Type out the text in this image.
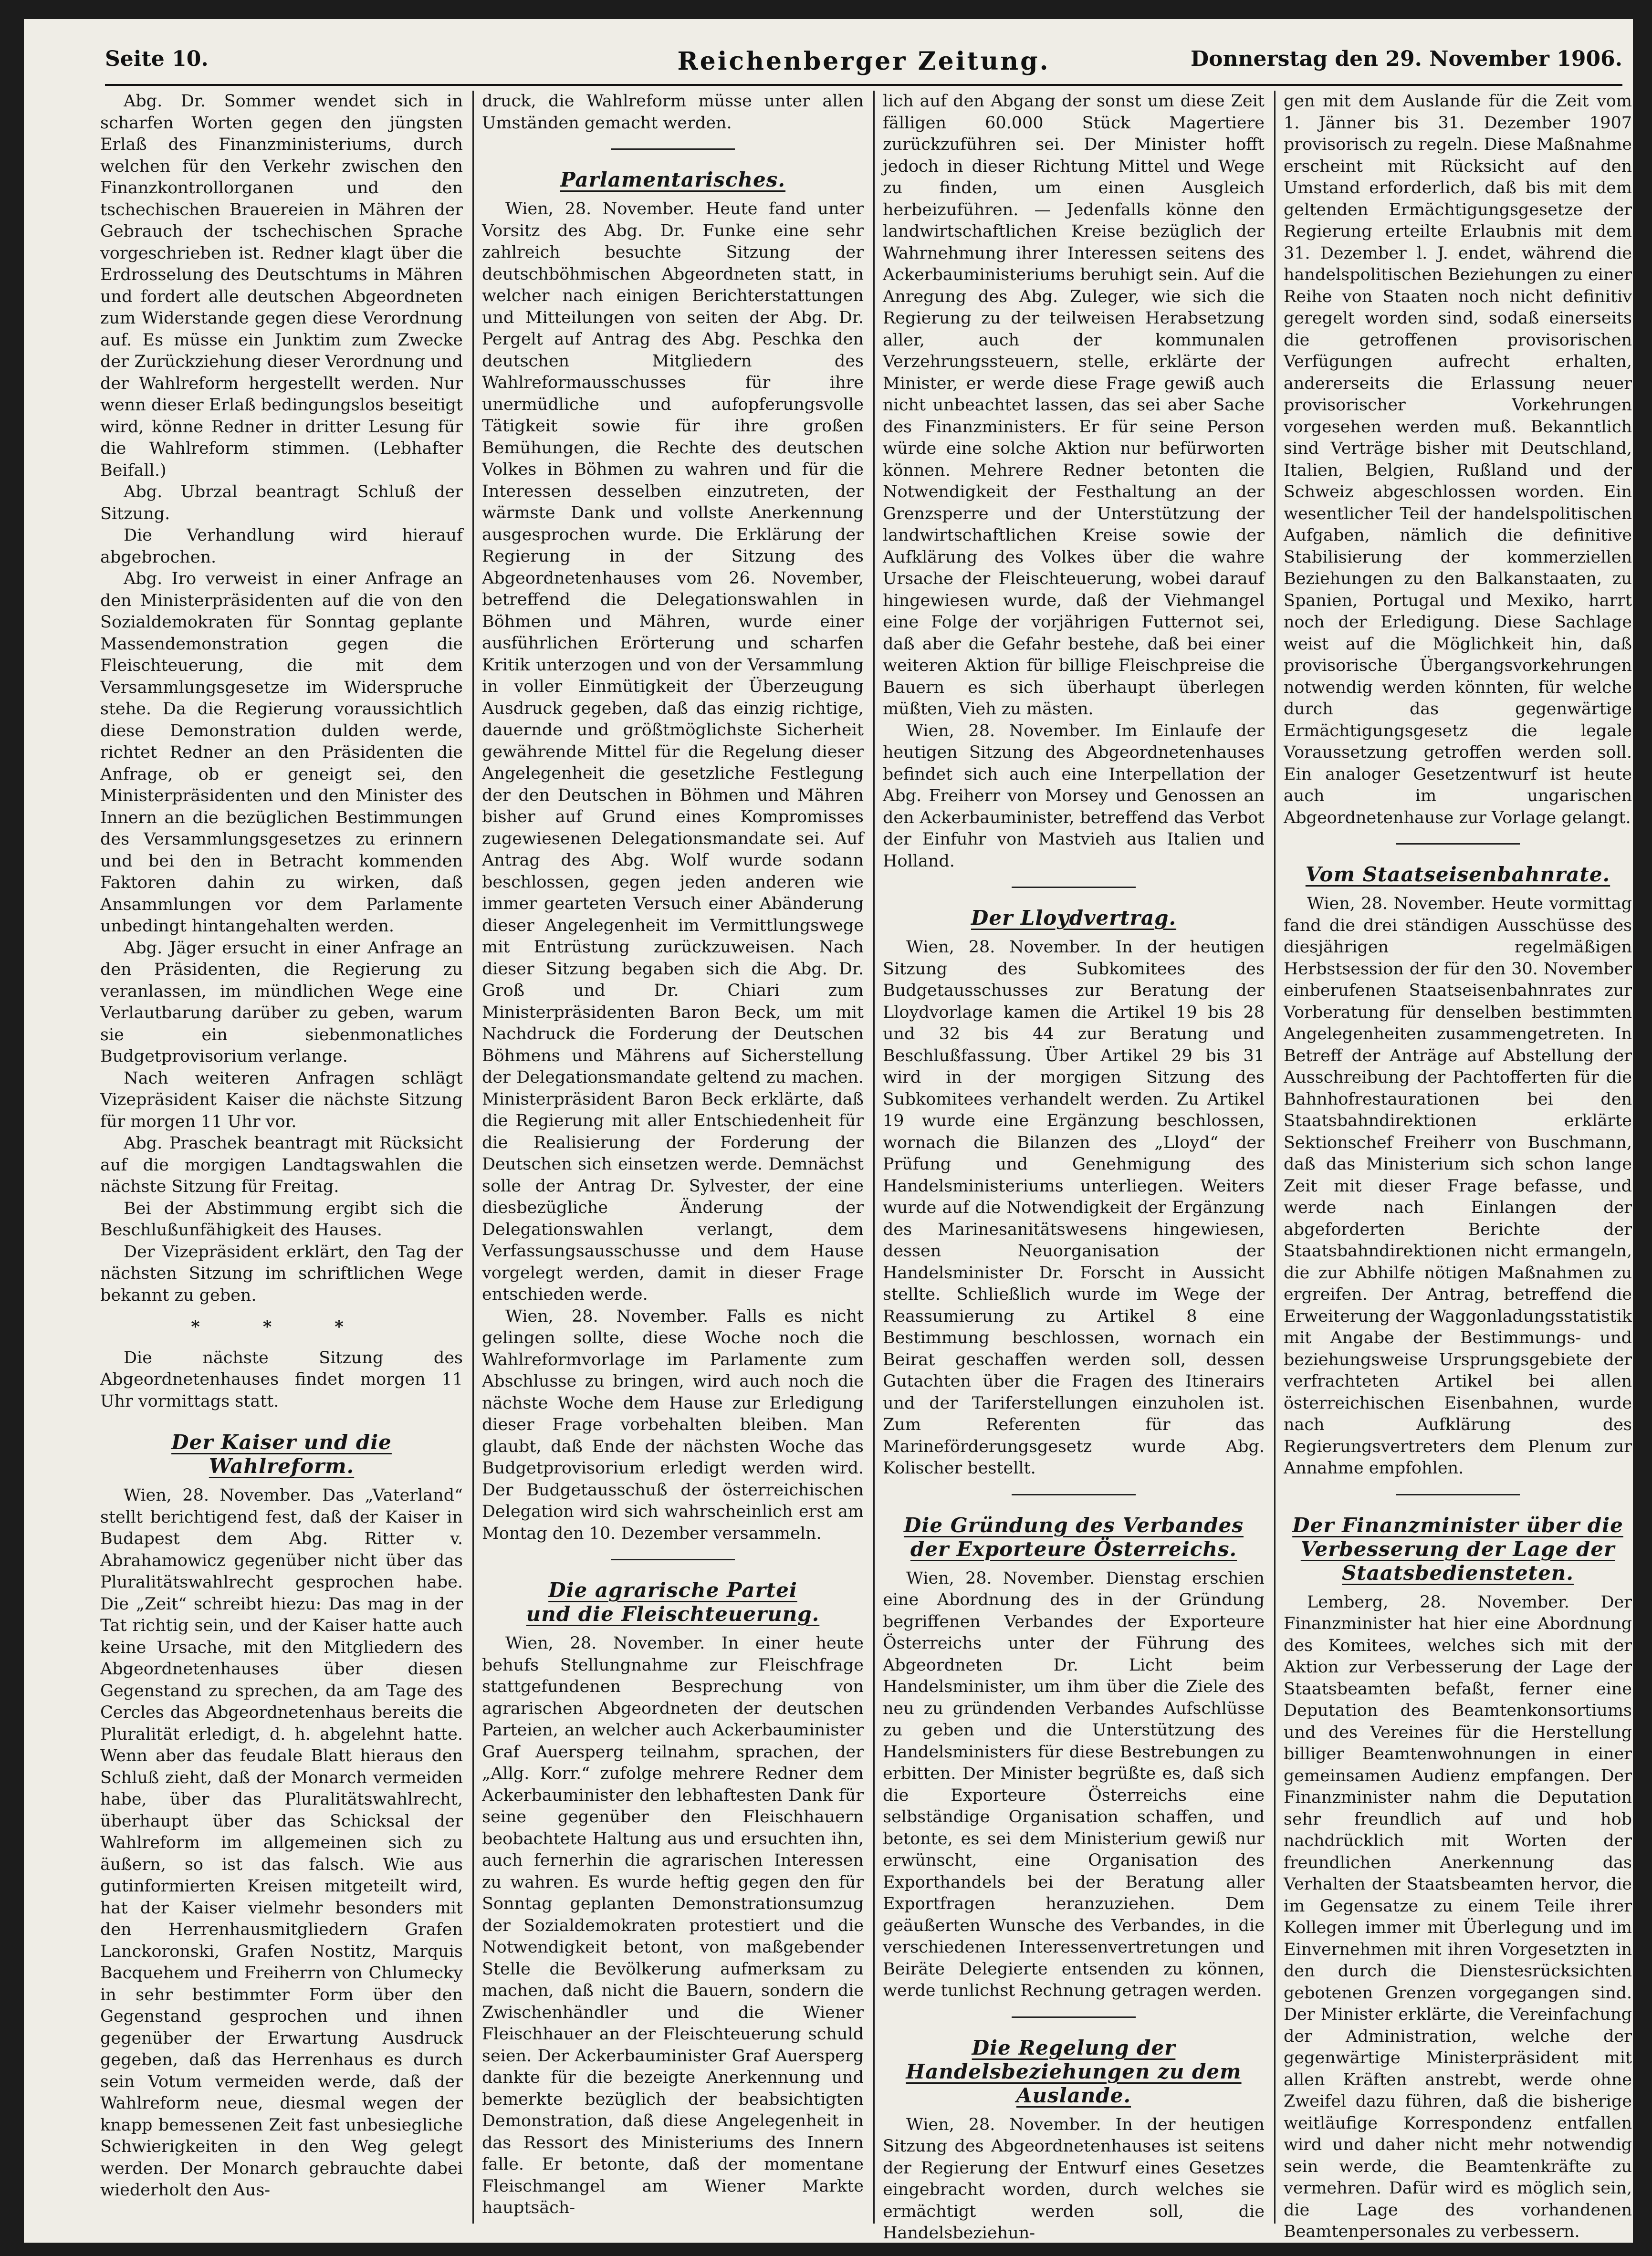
Seite 10.	Reichenberger Zeitung.	Donnerstag den 29. November 1906.

Abg. Dr. Sommer wendet sich in scharfen Worten gegen den jüngsten Erlaß des Finanzministeriums, durch welchen für den Verkehr zwischen den Finanzkontrollorganen und den tschechischen Brauereien in Mähren der Gebrauch der tschechischen Sprache vorgeschrieben ist. Redner klagt über die Erdrosselung des Deutschtums in Mähren und fordert alle deutschen Abgeordneten zum Widerstande gegen diese Verordnung auf. Es müsse ein Junktim zum Zwecke der Zurückziehung dieser Verordnung und der Wahlreform hergestellt werden. Nur wenn dieser Erlaß bedingungslos beseitigt wird, könne Redner in dritter Lesung für die Wahlreform stimmen. (Lebhafter Beifall.)

Abg. Ubrzal beantragt Schluß der Sitzung.

Die Verhandlung wird hierauf abgebrochen.

Abg. Iro verweist in einer Anfrage an den Ministerpräsidenten auf die von den Sozialdemokraten für Sonntag geplante Massendemonstration gegen die Fleischteuerung, die mit dem Versammlungsgesetze im Widerspruche stehe. Da die Regierung voraussichtlich diese Demonstration dulden werde, richtet Redner an den Präsidenten die Anfrage, ob er geneigt sei, den Ministerpräsidenten und den Minister des Innern an die bezüglichen Bestimmungen des Versammlungsgesetzes zu erinnern und bei den in Betracht kommenden Faktoren dahin zu wirken, daß Ansammlungen vor dem Parlamente unbedingt hintangehalten werden.

Abg. Jäger ersucht in einer Anfrage an den Präsidenten, die Regierung zu veranlassen, im mündlichen Wege eine Verlautbarung darüber zu geben, warum sie ein siebenmonatliches Budgetprovisorium verlange.

Nach weiteren Anfragen schlägt Vizepräsident Kaiser die nächste Sitzung für morgen 11 Uhr vor.

Abg. Praschek beantragt mit Rücksicht auf die morgigen Landtagswahlen die nächste Sitzung für Freitag.

Bei der Abstimmung ergibt sich die Beschlußunfähigkeit des Hauses.

Der Vizepräsident erklärt, den Tag der nächsten Sitzung im schriftlichen Wege bekannt zu geben.

* * *

Die nächste Sitzung des Abgeordnetenhauses findet morgen 11 Uhr vormittags statt.

Der Kaiser und die Wahlreform.

Wien, 28. November. Das „Vaterland“ stellt berichtigend fest, daß der Kaiser in Budapest dem Abg. Ritter v. Abrahamowicz gegenüber nicht über das Pluralitätswahlrecht gesprochen habe. Die „Zeit“ schreibt hiezu: Das mag in der Tat richtig sein, und der Kaiser hatte auch keine Ursache, mit den Mitgliedern des Abgeordnetenhauses über diesen Gegenstand zu sprechen, da am Tage des Cercles das Abgeordnetenhaus bereits die Pluralität erledigt, d. h. abgelehnt hatte. Wenn aber das feudale Blatt hieraus den Schluß zieht, daß der Monarch vermeiden habe, über das Pluralitätswahlrecht, überhaupt über das Schicksal der Wahlreform im allgemeinen sich zu äußern, so ist das falsch. Wie aus gutinformierten Kreisen mitgeteilt wird, hat der Kaiser vielmehr besonders mit den Herrenhausmitgliedern Grafen Lanckoronski, Grafen Nostitz, Marquis Bacquehem und Freiherrn von Chlumecky in sehr bestimmter Form über den Gegenstand gesprochen und ihnen gegenüber der Erwartung Ausdruck gegeben, daß das Herrenhaus es durch sein Votum vermeiden werde, daß der Wahlreform neue, diesmal wegen der knapp bemessenen Zeit fast unbesiegliche Schwierigkeiten in den Weg gelegt werden. Der Monarch gebrauchte dabei wiederholt den Aus-

druck, die Wahlreform müsse unter allen Umständen gemacht werden.

Parlamentarisches.

Wien, 28. November. Heute fand unter Vorsitz des Abg. Dr. Funke eine sehr zahlreich besuchte Sitzung der deutschböhmischen Abgeordneten statt, in welcher nach einigen Berichterstattungen und Mitteilungen von seiten der Abg. Dr. Pergelt auf Antrag des Abg. Peschka den deutschen Mitgliedern des Wahlreformausschusses für ihre unermüdliche und aufopferungsvolle Tätigkeit sowie für ihre großen Bemühungen, die Rechte des deutschen Volkes in Böhmen zu wahren und für die Interessen desselben einzutreten, der wärmste Dank und vollste Anerkennung ausgesprochen wurde. Die Erklärung der Regierung in der Sitzung des Abgeordnetenhauses vom 26. November, betreffend die Delegationswahlen in Böhmen und Mähren, wurde einer ausführlichen Erörterung und scharfen Kritik unterzogen und von der Versammlung in voller Einmütigkeit der Überzeugung Ausdruck gegeben, daß das einzig richtige, dauernde und größtmöglichste Sicherheit gewährende Mittel für die Regelung dieser Angelegenheit die gesetzliche Festlegung der den Deutschen in Böhmen und Mähren bisher auf Grund eines Kompromisses zugewiesenen Delegationsmandate sei. Auf Antrag des Abg. Wolf wurde sodann beschlossen, gegen jeden anderen wie immer gearteten Versuch einer Abänderung dieser Angelegenheit im Vermittlungswege mit Entrüstung zurückzuweisen. Nach dieser Sitzung begaben sich die Abg. Dr. Groß und Dr. Chiari zum Ministerpräsidenten Baron Beck, um mit Nachdruck die Forderung der Deutschen Böhmens und Mährens auf Sicherstellung der Delegationsmandate geltend zu machen. Ministerpräsident Baron Beck erklärte, daß die Regierung mit aller Entschiedenheit für die Realisierung der Forderung der Deutschen sich einsetzen werde. Demnächst solle der Antrag Dr. Sylvester, der eine diesbezügliche Änderung der Delegationswahlen verlangt, dem Verfassungsausschusse und dem Hause vorgelegt werden, damit in dieser Frage entschieden werde.

Wien, 28. November. Falls es nicht gelingen sollte, diese Woche noch die Wahlreformvorlage im Parlamente zum Abschlusse zu bringen, wird auch noch die nächste Woche dem Hause zur Erledigung dieser Frage vorbehalten bleiben. Man glaubt, daß Ende der nächsten Woche das Budgetprovisorium erledigt werden wird. Der Budgetausschuß der österreichischen Delegation wird sich wahrscheinlich erst am Montag den 10. Dezember versammeln.

Die agrarische Partei
und die Fleischteuerung.

Wien, 28. November. In einer heute behufs Stellungnahme zur Fleischfrage stattgefundenen Besprechung von agrarischen Abgeordneten der deutschen Parteien, an welcher auch Ackerbauminister Graf Auersperg teilnahm, sprachen, der „Allg. Korr.“ zufolge mehrere Redner dem Ackerbauminister den lebhaftesten Dank für seine gegenüber den Fleischhauern beobachtete Haltung aus und ersuchten ihn, auch fernerhin die agrarischen Interessen zu wahren. Es wurde heftig gegen den für Sonntag geplanten Demonstrationsumzug der Sozialdemokraten protestiert und die Notwendigkeit betont, von maßgebender Stelle die Bevölkerung aufmerksam zu machen, daß nicht die Bauern, sondern die Zwischenhändler und die Wiener Fleischhauer an der Fleischteuerung schuld seien. Der Ackerbauminister Graf Auersperg dankte für die bezeigte Anerkennung und bemerkte bezüglich der beabsichtigten Demonstration, daß diese Angelegenheit in das Ressort des Ministeriums des Innern falle. Er betonte, daß der momentane Fleischmangel am Wiener Markte hauptsäch-

lich auf den Abgang der sonst um diese Zeit fälligen 60.000 Stück Magertiere zurückzuführen sei. Der Minister hofft jedoch in dieser Richtung Mittel und Wege zu finden, um einen Ausgleich herbeizuführen. — Jedenfalls könne den landwirtschaftlichen Kreise bezüglich der Wahrnehmung ihrer Interessen seitens des Ackerbauministeriums beruhigt sein. Auf die Anregung des Abg. Zuleger, wie sich die Regierung zu der teilweisen Herabsetzung aller, auch der kommunalen Verzehrungssteuern, stelle, erklärte der Minister, er werde diese Frage gewiß auch nicht unbeachtet lassen, das sei aber Sache des Finanzministers. Er für seine Person würde eine solche Aktion nur befürworten können. Mehrere Redner betonten die Notwendigkeit der Festhaltung an der Grenzsperre und der Unterstützung der landwirtschaftlichen Kreise sowie der Aufklärung des Volkes über die wahre Ursache der Fleischteuerung, wobei darauf hingewiesen wurde, daß der Viehmangel eine Folge der vorjährigen Futternot sei, daß aber die Gefahr bestehe, daß bei einer weiteren Aktion für billige Fleischpreise die Bauern es sich überhaupt überlegen müßten, Vieh zu mästen.

Wien, 28. November. Im Einlaufe der heutigen Sitzung des Abgeordnetenhauses befindet sich auch eine Interpellation der Abg. Freiherr von Morsey und Genossen an den Ackerbauminister, betreffend das Verbot der Einfuhr von Mastvieh aus Italien und Holland.

Der Lloydvertrag.

Wien, 28. November. In der heutigen Sitzung des Subkomitees des Budgetausschusses zur Beratung der Lloydvorlage kamen die Artikel 19 bis 28 und 32 bis 44 zur Beratung und Beschlußfassung. Über Artikel 29 bis 31 wird in der morgigen Sitzung des Subkomitees verhandelt werden. Zu Artikel 19 wurde eine Ergänzung beschlossen, wornach die Bilanzen des „Lloyd“ der Prüfung und Genehmigung des Handelsministeriums unterliegen. Weiters wurde auf die Notwendigkeit der Ergänzung des Marinesanitätswesens hingewiesen, dessen Neuorganisation der Handelsminister Dr. Forscht in Aussicht stellte. Schließlich wurde im Wege der Reassumierung zu Artikel 8 eine Bestimmung beschlossen, wornach ein Beirat geschaffen werden soll, dessen Gutachten über die Fragen des Itinerairs und der Tariferstellungen einzuholen ist. Zum Referenten für das Marineförderungsgesetz wurde Abg. Kolischer bestellt.

Die Gründung des Verbandes
der Exporteure Österreichs.

Wien, 28. November. Dienstag erschien eine Abordnung des in der Gründung begriffenen Verbandes der Exporteure Österreichs unter der Führung des Abgeordneten Dr. Licht beim Handelsminister, um ihm über die Ziele des neu zu gründenden Verbandes Aufschlüsse zu geben und die Unterstützung des Handelsministers für diese Bestrebungen zu erbitten. Der Minister begrüßte es, daß sich die Exporteure Österreichs eine selbständige Organisation schaffen, und betonte, es sei dem Ministerium gewiß nur erwünscht, eine Organisation des Exporthandels bei der Beratung aller Exportfragen heranzuziehen. Dem geäußerten Wunsche des Verbandes, in die verschiedenen Interessenvertretungen und Beiräte Delegierte entsenden zu können, werde tunlichst Rechnung getragen werden.

Die Regelung der Handelsbeziehungen zu dem Auslande.

Wien, 28. November. In der heutigen Sitzung des Abgeordnetenhauses ist seitens der Regierung der Entwurf eines Gesetzes eingebracht worden, durch welches sie ermächtigt werden soll, die Handelsbeziehun-

gen mit dem Auslande für die Zeit vom 1. Jänner bis 31. Dezember 1907 provisorisch zu regeln. Diese Maßnahme erscheint mit Rücksicht auf den Umstand erforderlich, daß bis mit dem geltenden Ermächtigungsgesetze der Regierung erteilte Erlaubnis mit dem 31. Dezember l. J. endet, während die handelspolitischen Beziehungen zu einer Reihe von Staaten noch nicht definitiv geregelt worden sind, sodaß einerseits die getroffenen provisorischen Verfügungen aufrecht erhalten, andererseits die Erlassung neuer provisorischer Vorkehrungen vorgesehen werden muß. Bekanntlich sind Verträge bisher mit Deutschland, Italien, Belgien, Rußland und der Schweiz abgeschlossen worden. Ein wesentlicher Teil der handelspolitischen Aufgaben, nämlich die definitive Stabilisierung der kommerziellen Beziehungen zu den Balkanstaaten, zu Spanien, Portugal und Mexiko, harrt noch der Erledigung. Diese Sachlage weist auf die Möglichkeit hin, daß provisorische Übergangsvorkehrungen notwendig werden könnten, für welche durch das gegenwärtige Ermächtigungsgesetz die legale Voraussetzung getroffen werden soll. Ein analoger Gesetzentwurf ist heute auch im ungarischen Abgeordnetenhause zur Vorlage gelangt.

Vom Staatseisenbahnrate.

Wien, 28. November. Heute vormittag fand die drei ständigen Ausschüsse des diesjährigen regelmäßigen Herbstsession der für den 30. November einberufenen Staatseisenbahnrates zur Vorberatung für denselben bestimmten Angelegenheiten zusammengetreten. In Betreff der Anträge auf Abstellung der Ausschreibung der Pachtofferten für die Bahnhofrestaurationen bei den Staatsbahndirektionen erklärte Sektionschef Freiherr von Buschmann, daß das Ministerium sich schon lange Zeit mit dieser Frage befasse, und werde nach Einlangen der abgeforderten Berichte der Staatsbahndirektionen nicht ermangeln, die zur Abhilfe nötigen Maßnahmen zu ergreifen. Der Antrag, betreffend die Erweiterung der Waggonladungsstatistik mit Angabe der Bestimmungs- und beziehungsweise Ursprungsgebiete der verfrachteten Artikel bei allen österreichischen Eisenbahnen, wurde nach Aufklärung des Regierungsvertreters dem Plenum zur Annahme empfohlen.

Der Finanzminister über die Verbesserung der Lage der Staatsbediensteten.

Lemberg, 28. November. Der Finanzminister hat hier eine Abordnung des Komitees, welches sich mit der Aktion zur Verbesserung der Lage der Staatsbeamten befaßt, ferner eine Deputation des Beamtenkonsortiums und des Vereines für die Herstellung billiger Beamtenwohnungen in einer gemeinsamen Audienz empfangen. Der Finanzminister nahm die Deputation sehr freundlich auf und hob nachdrücklich mit Worten der freundlichen Anerkennung das Verhalten der Staatsbeamten hervor, die im Gegensatze zu einem Teile ihrer Kollegen immer mit Überlegung und im Einvernehmen mit ihren Vorgesetzten in den durch die Dienstesrücksichten gebotenen Grenzen vorgegangen sind. Der Minister erklärte, die Vereinfachung der Administration, welche der gegenwärtige Ministerpräsident mit allen Kräften anstrebt, werde ohne Zweifel dazu führen, daß die bisherige weitläufige Korrespondenz entfallen wird und daher nicht mehr notwendig sein werde, die Beamtenkräfte zu vermehren. Dafür wird es möglich sein, die Lage des vorhandenen Beamtenpersonales zu verbessern.
